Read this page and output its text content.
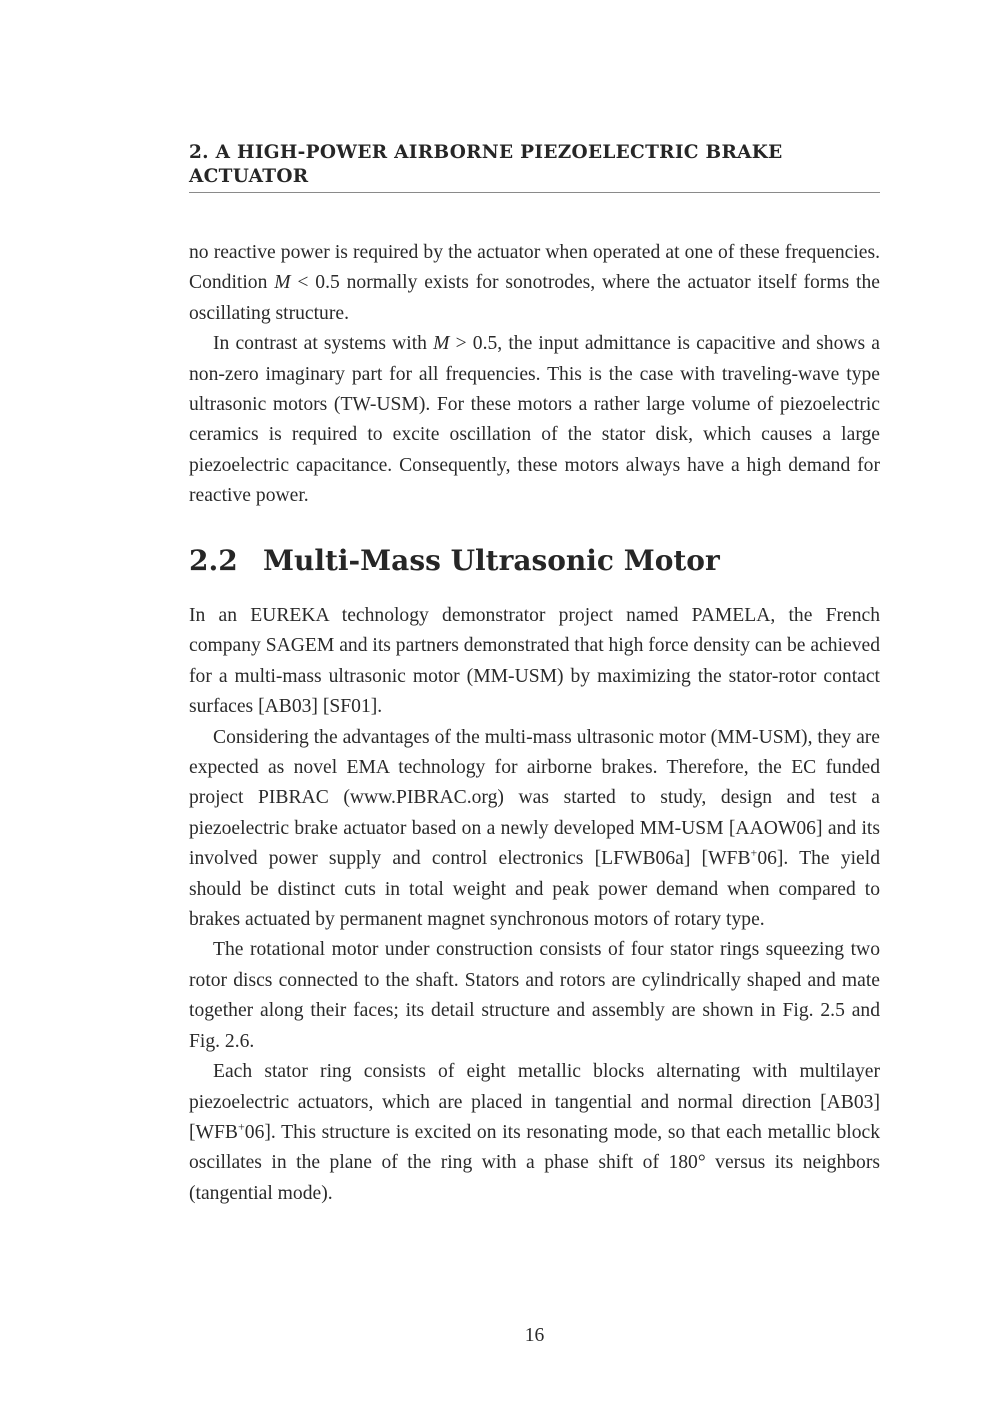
2. A HIGH-POWER AIRBORNE PIEZOELECTRIC BRAKE
ACTUATOR

no reactive power is required by the actuator when operated at one of these frequencies. Condition M < 0.5 normally exists for sonotrodes, where the actuator itself forms the oscillating structure.

In contrast at systems with M > 0.5, the input admittance is capacitive and shows a non-zero imaginary part for all frequencies. This is the case with traveling-wave type ultrasonic motors (TW-USM). For these motors a rather large volume of piezoelectric ceramics is required to excite oscillation of the stator disk, which causes a large piezoelectric capacitance. Consequently, these motors always have a high demand for reactive power.

2.2 Multi-Mass Ultrasonic Motor

In an EUREKA technology demonstrator project named PAMELA, the French company SAGEM and its partners demonstrated that high force density can be achieved for a multi-mass ultrasonic motor (MM-USM) by maximizing the stator-rotor contact surfaces [AB03] [SF01].

Considering the advantages of the multi-mass ultrasonic motor (MM-USM), they are expected as novel EMA technology for airborne brakes. Therefore, the EC funded project PIBRAC (www.PIBRAC.org) was started to study, design and test a piezoelectric brake actuator based on a newly developed MM-USM [AAOW06] and its involved power supply and control electronics [LFWB06a] [WFB+06]. The yield should be distinct cuts in total weight and peak power demand when compared to brakes actuated by permanent magnet synchronous motors of rotary type.

The rotational motor under construction consists of four stator rings squeezing two rotor discs connected to the shaft. Stators and rotors are cylindrically shaped and mate together along their faces; its detail structure and assembly are shown in Fig. 2.5 and Fig. 2.6.

Each stator ring consists of eight metallic blocks alternating with multilayer piezoelectric actuators, which are placed in tangential and normal direction [AB03] [WFB+06]. This structure is excited on its resonating mode, so that each metallic block oscillates in the plane of the ring with a phase shift of 180° versus its neighbors (tangential mode).

16
